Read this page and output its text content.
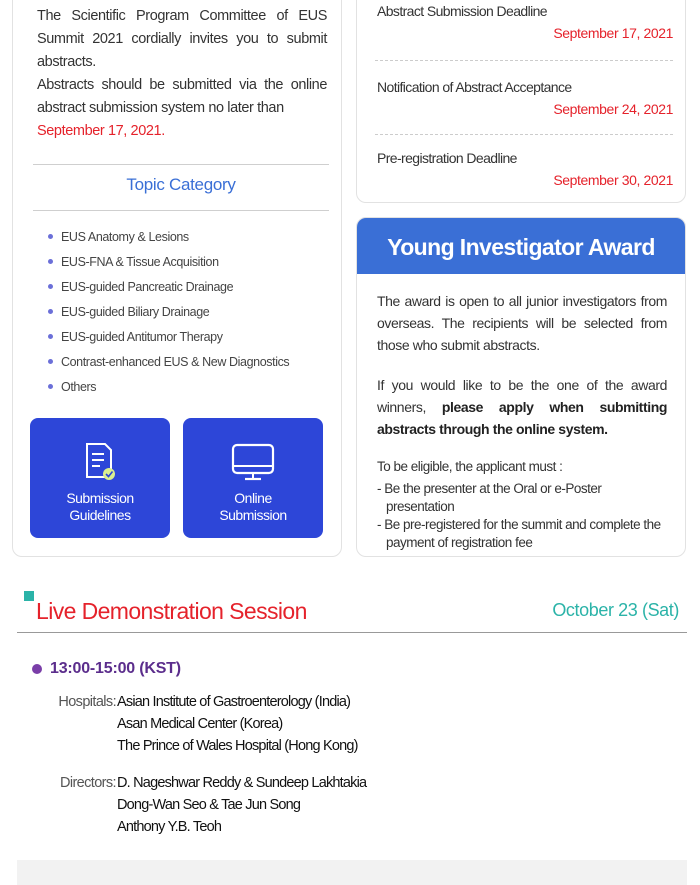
The Scientific Program Committee of EUS Summit 2021 cordially invites you to submit abstracts.

Abstracts should be submitted via the online abstract submission system no later than

September 17, 2021.

Topic Category
EUS Anatomy & Lesions
EUS-FNA & Tissue Acquisition
EUS-guided Pancreatic Drainage
EUS-guided Biliary Drainage
EUS-guided Antitumor Therapy
Contrast-enhanced EUS & New Diagnostics
Others
Submission
Guidelines
Online
Submission
Abstract Submission Deadline
September 17, 2021
Notification of Abstract Acceptance
September 24, 2021
Pre-registration Deadline
September 30, 2021
Young Investigator Award

The award is open to all junior investigators from overseas. The recipients will be selected from those who submit abstracts.

If you would like to be the one of the award winners, please apply when submitting abstracts through the online system.

To be eligible, the applicant must :

- Be the presenter at the Oral or e-Poster presentation
- Be pre-registered for the summit and complete the payment of registration fee
Live Demonstration Session	October 23 (Sat)
13:00-15:00 (KST)
Hospitals: Asian Institute of Gastroenterology (India)
Asan Medical Center (Korea)
The Prince of Wales Hospital (Hong Kong)
Directors: D. Nageshwar Reddy & Sundeep Lakhtakia
Dong-Wan Seo & Tae Jun Song
Anthony Y.B. Teoh
